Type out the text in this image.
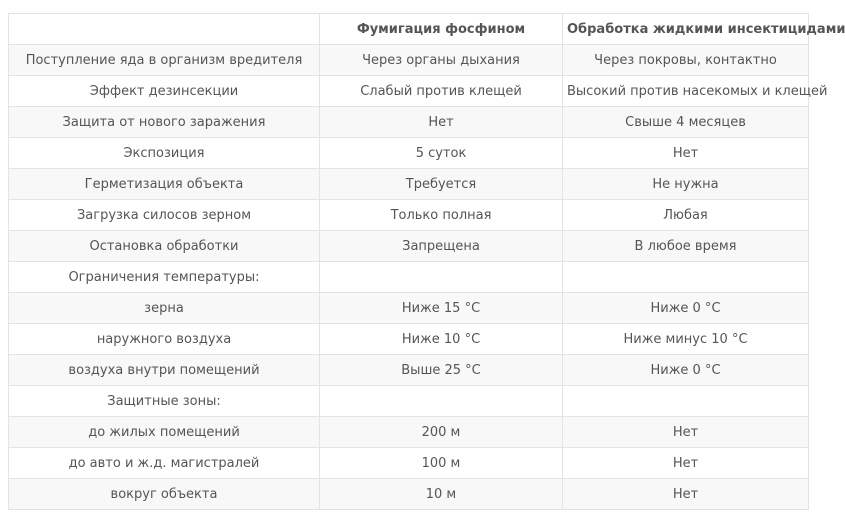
	Фумигация фосфином	Обработка жидкими инсектицидами
Поступление яда в организм вредителя	Через органы дыхания	Через покровы, контактно
Эффект дезинсекции	Слабый против клещей	Высокий против насекомых и клещей
Защита от нового заражения	Нет	Свыше 4 месяцев
Экспозиция	5 суток	Нет
Герметизация объекта	Требуется	Не нужна
Загрузка силосов зерном	Только полная	Любая
Остановка обработки	Запрещена	В любое время
Ограничения температуры:		
зерна	Ниже 15 °C	Ниже 0 °C
наружного воздуха	Ниже 10 °C	Ниже минус 10 °C
воздуха внутри помещений	Выше 25 °C	Ниже 0 °C
Защитные зоны:		
до жилых помещений	200 м	Нет
до авто и ж.д. магистралей	100 м	Нет
вокруг объекта	10 м	Нет
